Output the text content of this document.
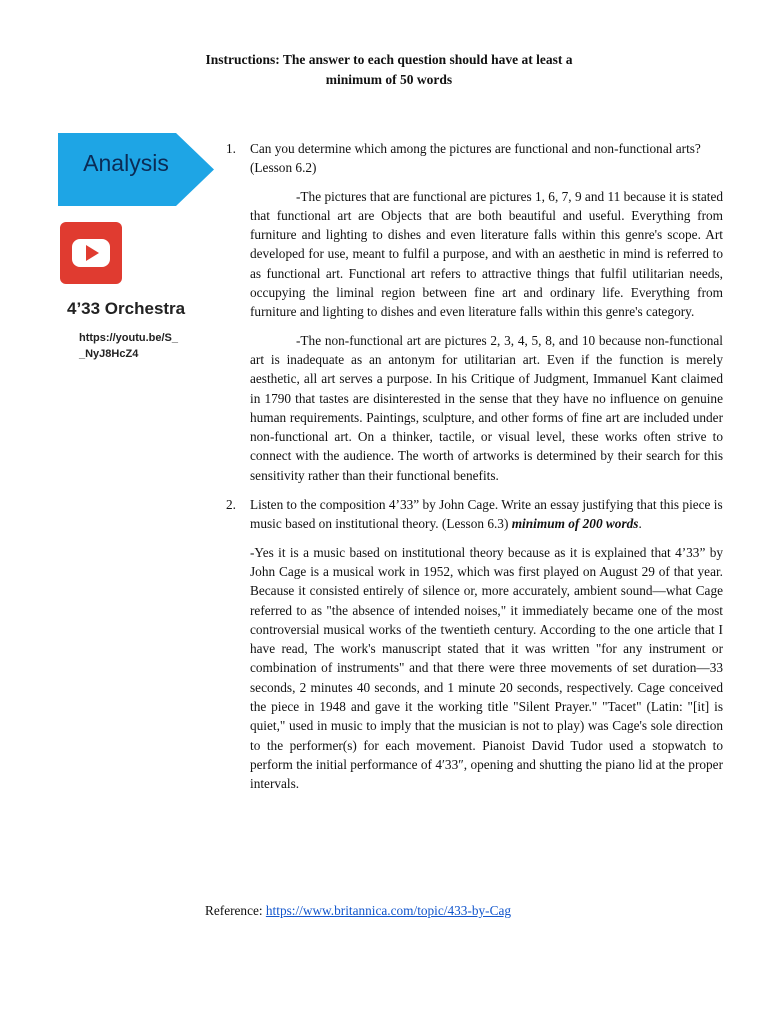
Instructions: The answer to each question should have at least a
minimum of 50 words
Analysis
4’33 Orchestra
https://youtu.be/S__NyJ8HcZ4
1. Can you determine which among the pictures are functional and non-functional arts? (Lesson 6.2)
-The pictures that are functional are pictures 1, 6, 7, 9 and 11 because it is stated that functional art are Objects that are both beautiful and useful. Everything from furniture and lighting to dishes and even literature falls within this genre's scope. Art developed for use, meant to fulfil a purpose, and with an aesthetic in mind is referred to as functional art. Functional art refers to attractive things that fulfil utilitarian needs, occupying the liminal region between fine art and ordinary life. Everything from furniture and lighting to dishes and even literature falls within this genre's category.
-The non-functional art are pictures 2, 3, 4, 5, 8, and 10 because non-functional art is inadequate as an antonym for utilitarian art. Even if the function is merely aesthetic, all art serves a purpose. In his Critique of Judgment, Immanuel Kant claimed in 1790 that tastes are disinterested in the sense that they have no influence on genuine human requirements. Paintings, sculpture, and other forms of fine art are included under non-functional art. On a thinker, tactile, or visual level, these works often strive to connect with the audience. The worth of artworks is determined by their search for this sensitivity rather than their functional benefits.
2. Listen to the composition 4’33” by John Cage. Write an essay justifying that this piece is music based on institutional theory. (Lesson 6.3) minimum of 200 words.
-Yes it is a music based on institutional theory because as it is explained that 4’33” by John Cage is a musical work in 1952, which was first played on August 29 of that year. Because it consisted entirely of silence or, more accurately, ambient sound—what Cage referred to as "the absence of intended noises," it immediately became one of the most controversial musical works of the twentieth century. According to the one article that I have read, The work's manuscript stated that it was written "for any instrument or combination of instruments" and that there were three movements of set duration—33 seconds, 2 minutes 40 seconds, and 1 minute 20 seconds, respectively. Cage conceived the piece in 1948 and gave it the working title "Silent Prayer." "Tacet" (Latin: "[it] is quiet," used in music to imply that the musician is not to play) was Cage's sole direction to the performer(s) for each movement. Pianoist David Tudor used a stopwatch to perform the initial performance of 4′33″, opening and shutting the piano lid at the proper intervals.
Reference: https://www.britannica.com/topic/433-by-Cag
